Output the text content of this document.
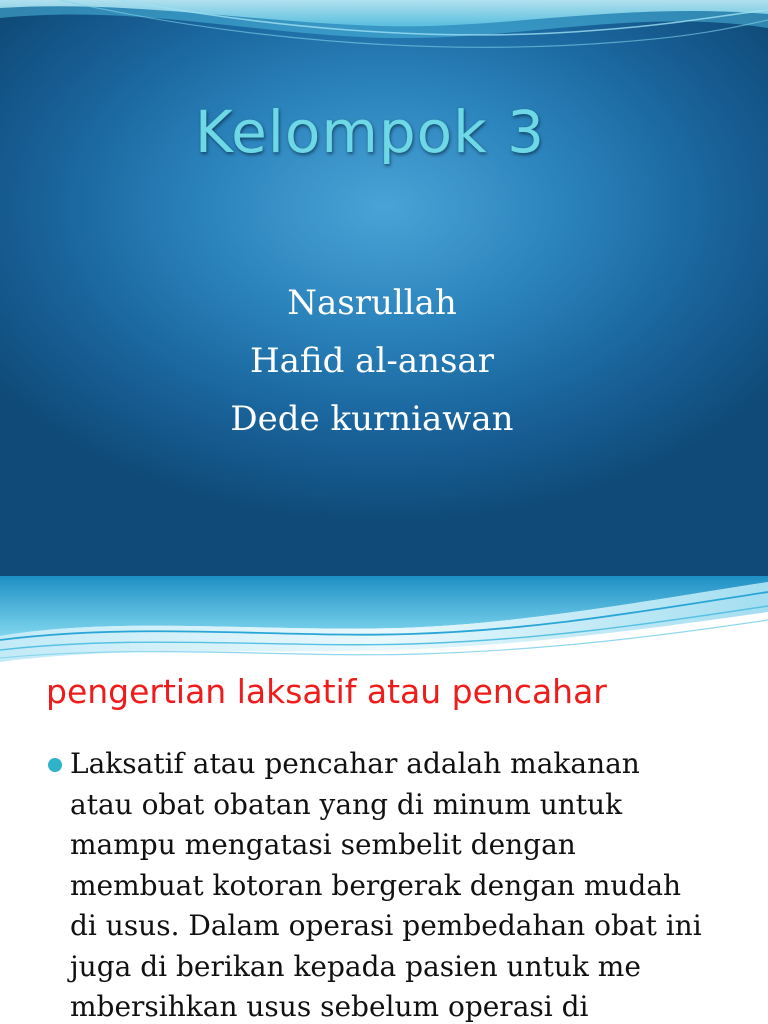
Kelompok 3
Nasrullah
Hafid al-ansar
Dede kurniawan
pengertian laksatif atau pencahar
Laksatif atau pencahar adalah makanan
atau obat obatan yang di minum untuk
mampu mengatasi sembelit dengan
membuat kotoran bergerak dengan mudah
di usus. Dalam operasi pembedahan obat ini
juga di berikan kepada pasien untuk me
mbersihkan usus sebelum operasi di
